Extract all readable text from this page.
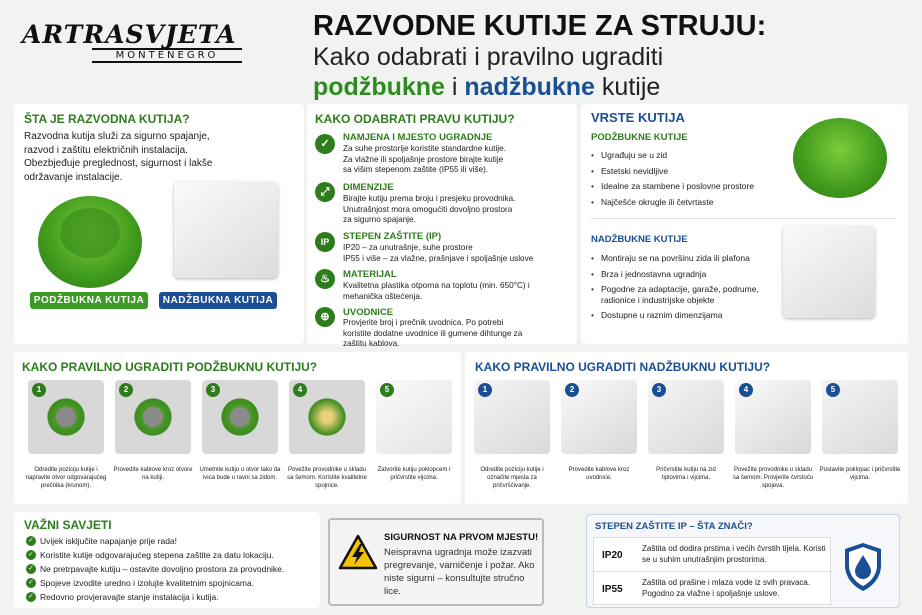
ARTRASVJETA
MONTENEGRO
RAZVODNE KUTIJE ZA STRUJU:
Kako odabrati i pravilno ugraditi
podžbukne i nadžbukne kutije
ŠTA JE RAZVODNA KUTIJA?
Razvodna kutija služi za sigurno spajanje, razvod i zaštitu električnih instalacija. Obezbjeđuje preglednost, sigurnost i lakše održavanje instalacije.
PODŽBUKNA KUTIJA	NADŽBUKNA KUTIJA
KAKO ODABRATI PRAVU KUTIJU?
✓
NAMJENA I MJESTO UGRADNJE
Za suhe prostorije koristite standardne kutije. Za vlažne ili spoljašnje prostore birajte kutije sa višim stepenom zaštite (IP55 ili više).
⤢	DIMENZIJE
Birajte kutiju prema broju i presjeku provodnika. Unutrašnjost mora omogućiti dovoljno prostora za sigurno spajanje.
IP	STEPEN ZAŠTITE (IP)
IP20 – za unutrašnje, suhe prostore
IP55 i više – za vlažne, prašnjave i spoljašnje uslove
♨	MATERIJAL
Kvalitetna plastika otporna na toplotu (min. 650°C) i mehanička oštećenja.
⊕	UVODNICE
Provjerite broj i prečnik uvodnica. Po potrebi koristite dodatne uvodnice ili gumene dihtunge za zaštitu kablova.
VRSTE KUTIJA
PODŽBUKNE KUTIJE
• Ugrađuju se u zid
• Estetski nevidljive
• Idealne za stambene i poslovne prostore
• Najčešće okrugle ili četvrtaste
NADŽBUKNE KUTIJE
• Montiraju se na površinu zida ili plafona
• Brza i jednostavna ugradnja
• Pogodne za adaptacije, garaže, podrume, radionice i industrijske objekte
• Dostupne u raznim dimenzijama
KAKO PRAVILNO UGRADITI PODŽBUKNU KUTIJU?
1
Odredite poziciju kutije i napravite otvor odgovarajućeg prečnika (krunom).
2
Provedite kablove kroz otvore na kutiji.
3
Umetnite kutiju u otvor tako da ivica bude u ravni sa zidom.
4
Povežite provodnike u skladu sa šemom. Koristite kvalitetne spojnice.
5
Zatvorite kutiju poklopcem i pričvrstite vijcima.
KAKO PRAVILNO UGRADITI NADŽBUKNU KUTIJU?
1
Odredite poziciju kutije i označite mjesta za pričvršćivanje.
2
Provedite kablove kroz uvodnice.
3
Pričvrstite kutiju na zid tiplovima i vijcima.
4
Povežite provodnike u skladu sa šemom. Provjerite čvrstoću spojeva.
5
Postavite poklopac i pričvrstite vijcima.
VAŽNI SAVJETI
✓ Uvijek isključite napajanje prije rada!
✓ Koristite kutije odgovarajućeg stepena zaštite za datu lokaciju.
✓ Ne pretrpavajte kutiju – ostavite dovoljno prostora za provodnike.
✓ Spojeve izvodite uredno i izolujte kvalitetnim spojnicama.
✓ Redovno provjeravajte stanje instalacija i kutija.
SIGURNOST NA PRVOM MJESTU!
Neispravna ugradnja može izazvati pregrevanje, varničenje i požar. Ako niste sigurni – konsultujte stručno lice.
STEPEN ZAŠTITE IP – ŠTA ZNAČI?
IP20
Zaštita od dodira prstima i većih čvrstih tijela. Koristi se u suhim unutrašnjim prostorima.
IP55
Zaštita od prašine i mlaza vode iz svih pravaca. Pogodno za vlažne i spoljašnje uslove.
